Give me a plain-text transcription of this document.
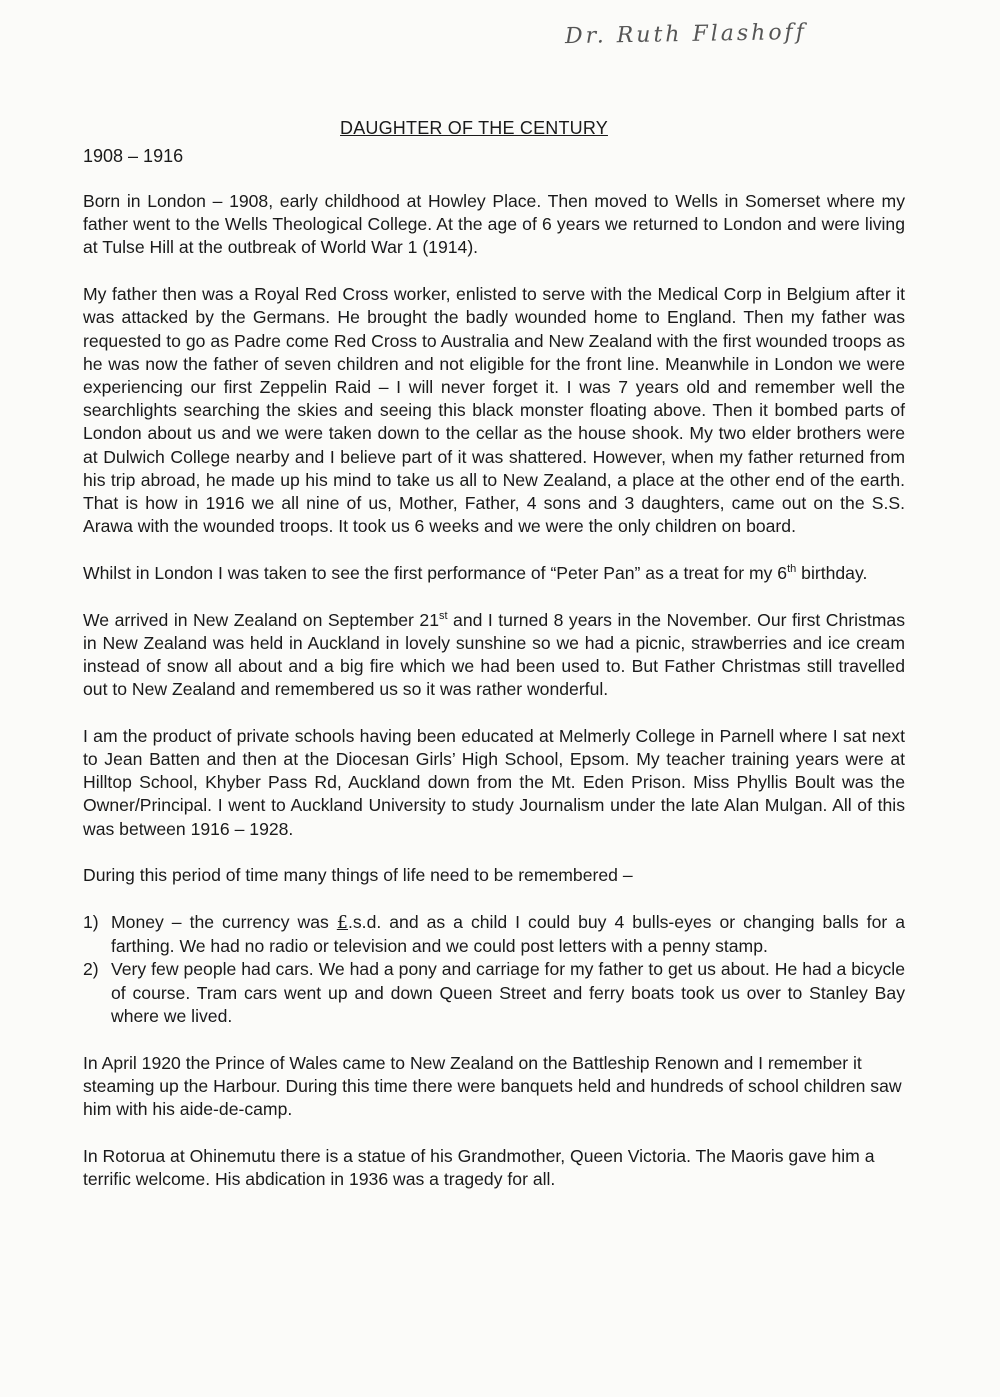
Dr. Ruth Flashoff
DAUGHTER OF THE CENTURY
1908 – 1916

Born in London – 1908, early childhood at Howley Place. Then moved to Wells in Somerset where my father went to the Wells Theological College. At the age of 6 years we returned to London and were living at Tulse Hill at the outbreak of World War 1 (1914).

My father then was a Royal Red Cross worker, enlisted to serve with the Medical Corp in Belgium after it was attacked by the Germans. He brought the badly wounded home to England. Then my father was requested to go as Padre come Red Cross to Australia and New Zealand with the first wounded troops as he was now the father of seven children and not eligible for the front line. Meanwhile in London we were experiencing our first Zeppelin Raid – I will never forget it. I was 7 years old and remember well the searchlights searching the skies and seeing this black monster floating above. Then it bombed parts of London about us and we were taken down to the cellar as the house shook. My two elder brothers were at Dulwich College nearby and I believe part of it was shattered. However, when my father returned from his trip abroad, he made up his mind to take us all to New Zealand, a place at the other end of the earth. That is how in 1916 we all nine of us, Mother, Father, 4 sons and 3 daughters, came out on the S.S. Arawa with the wounded troops. It took us 6 weeks and we were the only children on board.

Whilst in London I was taken to see the first performance of “Peter Pan” as a treat for my 6th birthday.

We arrived in New Zealand on September 21st and I turned 8 years in the November. Our first Christmas in New Zealand was held in Auckland in lovely sunshine so we had a picnic, strawberries and ice cream instead of snow all about and a big fire which we had been used to. But Father Christmas still travelled out to New Zealand and remembered us so it was rather wonderful.

I am the product of private schools having been educated at Melmerly College in Parnell where I sat next to Jean Batten and then at the Diocesan Girls’ High School, Epsom. My teacher training years were at Hilltop School, Khyber Pass Rd, Auckland down from the Mt. Eden Prison. Miss Phyllis Boult was the Owner/Principal. I went to Auckland University to study Journalism under the late Alan Mulgan. All of this was between 1916 – 1928.

During this period of time many things of life need to be remembered –

1) Money – the currency was £.s.d. and as a child I could buy 4 bulls-eyes or changing balls for a farthing. We had no radio or television and we could post letters with a penny stamp.
2) Very few people had cars. We had a pony and carriage for my father to get us about. He had a bicycle of course. Tram cars went up and down Queen Street and ferry boats took us over to Stanley Bay where we lived.

In April 1920 the Prince of Wales came to New Zealand on the Battleship Renown and I remember it steaming up the Harbour. During this time there were banquets held and hundreds of school children saw him with his aide-de-camp.

In Rotorua at Ohinemutu there is a statue of his Grandmother, Queen Victoria. The Maoris gave him a terrific welcome. His abdication in 1936 was a tragedy for all.
